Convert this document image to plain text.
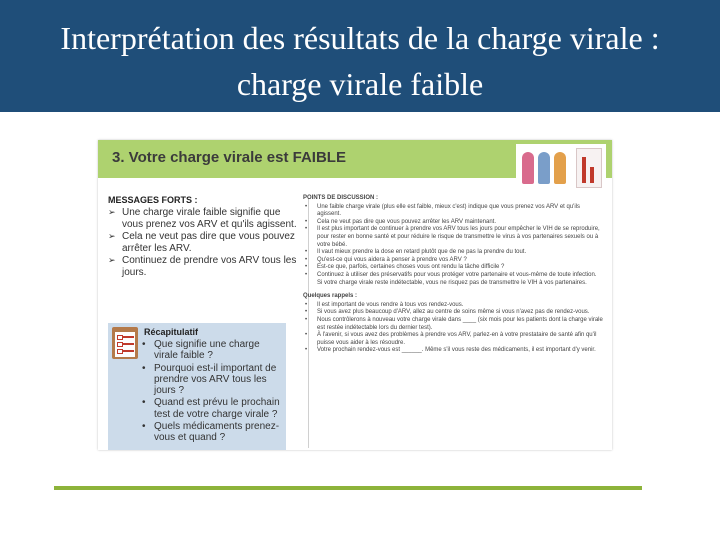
Interprétation des résultats de la charge virale :
charge virale faible
3. Votre charge virale est FAIBLE
MESSAGES FORTS :
➢ Une charge virale faible signifie que vous prenez vos ARV et qu'ils agissent.
➢ Cela ne veut pas dire que vous pouvez arrêter les ARV.
➢ Continuez de prendre vos ARV tous les jours.
Récapitulatif
• Que signifie une charge virale faible ?
• Pourquoi est-il important de prendre vos ARV tous les jours ?
• Quand est prévu le prochain test de votre charge virale ?
• Quels médicaments prenez-vous et quand ?
POINTS DE DISCUSSION :
• Une faible charge virale (plus elle est faible, mieux c'est) indique que vous prenez vos ARV et qu'ils agissent.
• Cela ne veut pas dire que vous pouvez arrêter les ARV maintenant.
• Il est plus important de continuer à prendre vos ARV tous les jours pour empêcher le VIH de se reproduire, pour rester en bonne santé et pour réduire le risque de transmettre le virus à vos partenaires sexuels ou à votre bébé.
• Il vaut mieux prendre la dose en retard plutôt que de ne pas la prendre du tout.
• Qu'est-ce qui vous aidera à penser à prendre vos ARV ?
• Est-ce que, parfois, certaines choses vous ont rendu la tâche difficile ?
• Continuez à utiliser des préservatifs pour vous protéger votre partenaire et vous-même de toute infection. Si votre charge virale reste indétectable, vous ne risquez pas de transmettre le VIH à vos partenaires.
Quelques rappels :
• Il est important de vous rendre à tous vos rendez-vous.
• Si vous avez plus beaucoup d'ARV, allez au centre de soins même si vous n'avez pas de rendez-vous.
• Nous contrôlerons à nouveau votre charge virale dans ____ (six mois pour les patients dont la charge virale est restée indétectable lors du dernier test).
• À l'avenir, si vous avez des problèmes à prendre vos ARV, parlez-en à votre prestataire de santé afin qu'il puisse vous aider à les résoudre.
• Votre prochain rendez-vous est ______. Même s'il vous reste des médicaments, il est important d'y venir.
